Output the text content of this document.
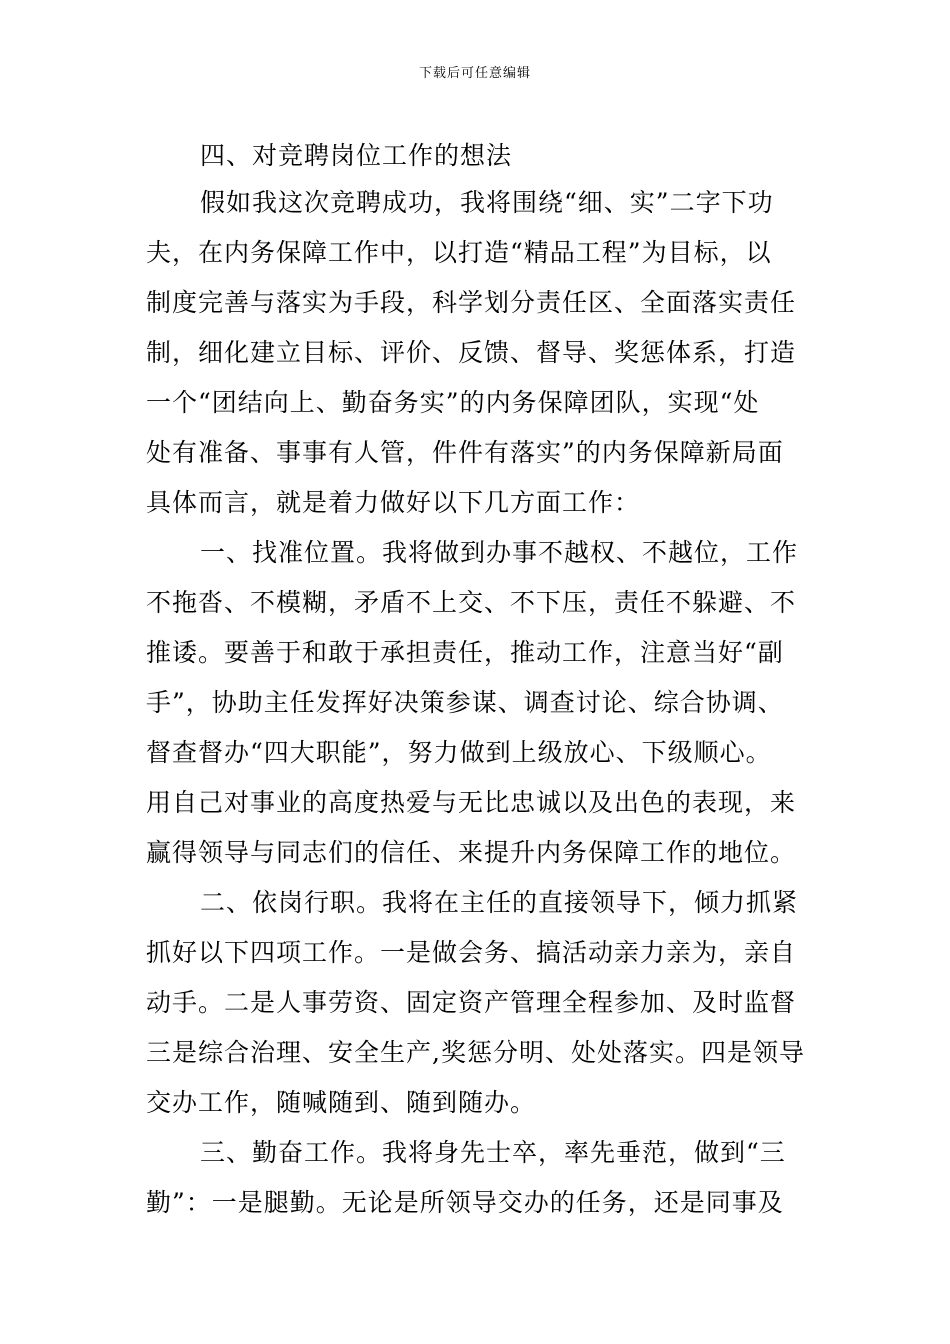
下载后可任意编辑
四、对竞聘岗位工作的想法
假如我这次竞聘成功，我将围绕“细、实”二字下功
夫，在内务保障工作中，以打造“精品工程”为目标，以
制度完善与落实为手段，科学划分责任区、全面落实责任
制，细化建立目标、评价、反馈、督导、奖惩体系，打造
一个“团结向上、勤奋务实”的内务保障团队，实现“处
处有准备、事事有人管，件件有落实”的内务保障新局面
具体而言，就是着力做好以下几方面工作：
一、找准位置。我将做到办事不越权、不越位，工作
不拖沓、不模糊，矛盾不上交、不下压，责任不躲避、不
推诿。要善于和敢于承担责任，推动工作，注意当好“副
手”，协助主任发挥好决策参谋、调查讨论、综合协调、
督查督办“四大职能”，努力做到上级放心、下级顺心。
用自己对事业的高度热爱与无比忠诚以及出色的表现，来
赢得领导与同志们的信任、来提升内务保障工作的地位。
二、依岗行职。我将在主任的直接领导下，倾力抓紧
抓好以下四项工作。一是做会务、搞活动亲力亲为，亲自
动手。二是人事劳资、固定资产管理全程参加、及时监督
三是综合治理、安全生产,奖惩分明、处处落实。四是领导
交办工作，随喊随到、随到随办。
三、勤奋工作。我将身先士卒，率先垂范，做到“三
勤”：一是腿勤。无论是所领导交办的任务，还是同事及
